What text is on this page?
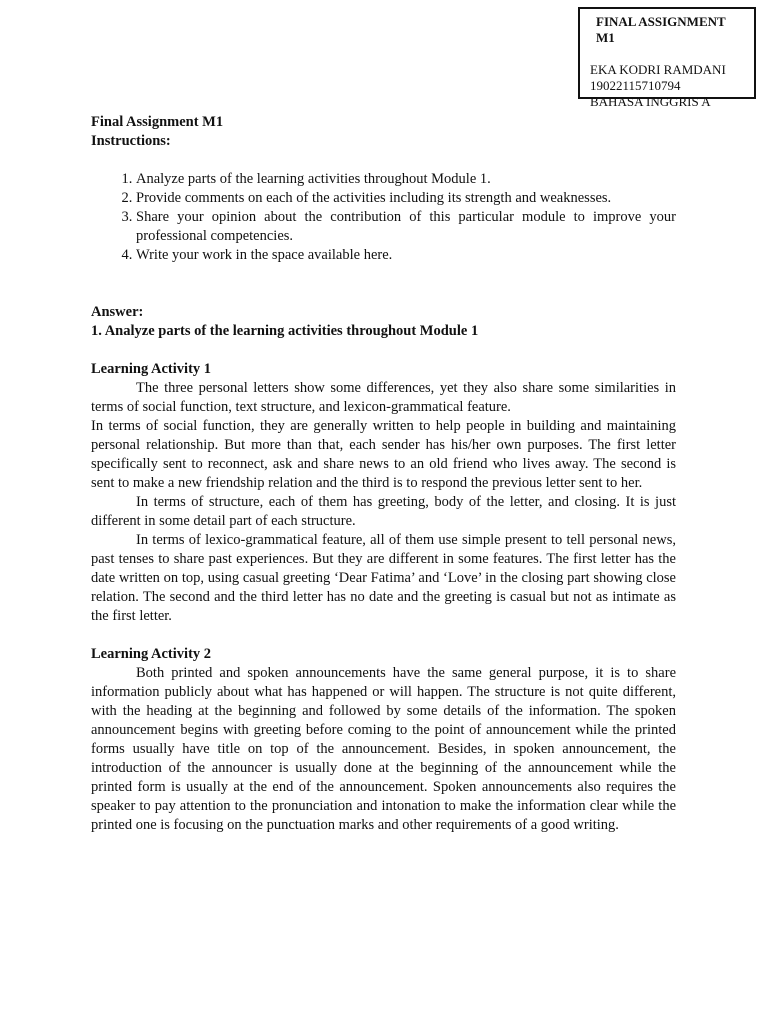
FINAL ASSIGNMENT M1
EKA KODRI RAMDANI
19022115710794
BAHASA INGGRIS A
Final Assignment M1
Instructions:
1. Analyze parts of the learning activities throughout Module 1.
2. Provide comments on each of the activities including its strength and weaknesses.
3. Share your opinion about the contribution of this particular module to improve your professional competencies.
4. Write your work in the space available here.
Answer:
1. Analyze parts of the learning activities throughout Module 1
Learning Activity 1

The three personal letters show some differences, yet they also share some similarities in terms of social function, text structure, and lexicon-grammatical feature.

In terms of social function, they are generally written to help people in building and maintaining personal relationship. But more than that, each sender has his/her own purposes. The first letter specifically sent to reconnect, ask and share news to an old friend who lives away. The second is sent to make a new friendship relation and the third is to respond the previous letter sent to her.

In terms of structure, each of them has greeting, body of the letter, and closing. It is just different in some detail part of each structure.

In terms of lexico-grammatical feature, all of them use simple present to tell personal news, past tenses to share past experiences. But they are different in some features. The first letter has the date written on top, using casual greeting ‘Dear Fatima’ and ‘Love’ in the closing part showing close relation. The second and the third letter has no date and the greeting is casual but not as intimate as the first letter.

Learning Activity 2

Both printed and spoken announcements have the same general purpose, it is to share information publicly about what has happened or will happen. The structure is not quite different, with the heading at the beginning and followed by some details of the information. The spoken announcement begins with greeting before coming to the point of announcement while the printed forms usually have title on top of the announcement. Besides, in spoken announcement, the introduction of the announcer is usually done at the beginning of the announcement while the printed form is usually at the end of the announcement. Spoken announcements also requires the speaker to pay attention to the pronunciation and intonation to make the information clear while the printed one is focusing on the punctuation marks and other requirements of a good writing.
